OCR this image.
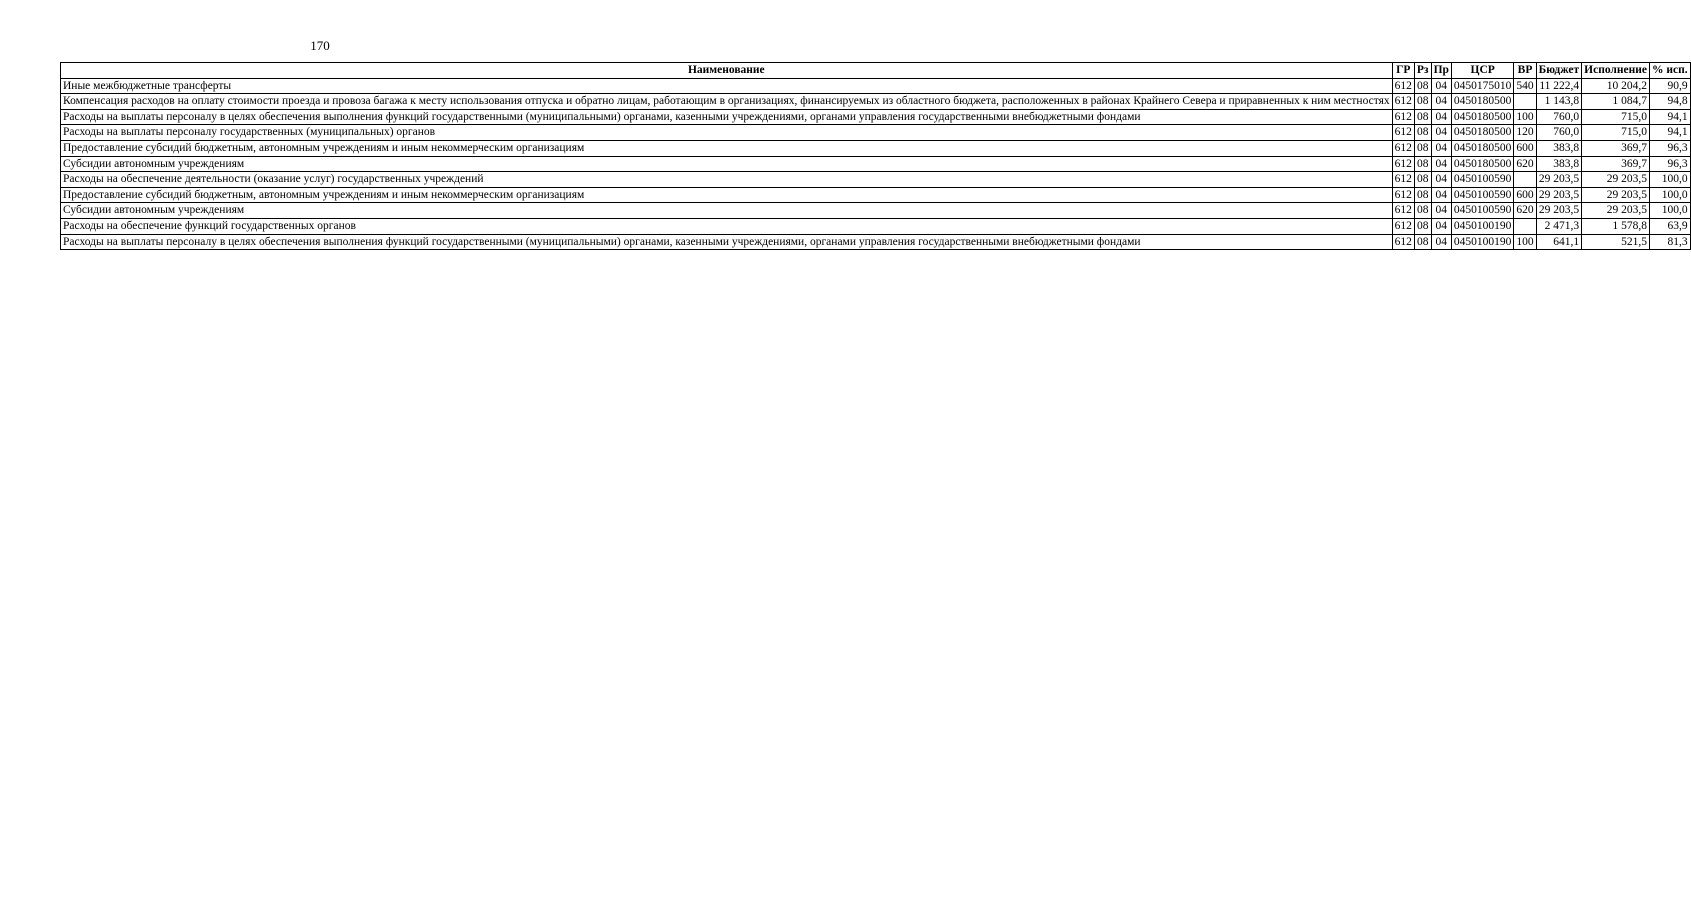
170
Наименование	ГР	Рз	Пр	ЦСР	ВР	Бюджет	Исполнение	% исп.
Иные межбюджетные трансферты	612	08	04	0450175010	540	11 222,4	10 204,2	90,9
Компенсация расходов на оплату стоимости проезда и провоза багажа к месту использования отпуска и обратно лицам, работающим в организациях, финансируемых из областного бюджета, расположенных в районах Крайнего Севера и приравненных к ним местностях	612	08	04	0450180500		1 143,8	1 084,7	94,8
Расходы на выплаты персоналу в целях обеспечения выполнения функций государственными (муниципальными) органами, казенными учреждениями, органами управления государственными внебюджетными фондами	612	08	04	0450180500	100	760,0	715,0	94,1
Расходы на выплаты персоналу государственных (муниципальных) органов	612	08	04	0450180500	120	760,0	715,0	94,1
Предоставление субсидий бюджетным, автономным учреждениям и иным некоммерческим организациям	612	08	04	0450180500	600	383,8	369,7	96,3
Субсидии автономным учреждениям	612	08	04	0450180500	620	383,8	369,7	96,3
Расходы на обеспечение деятельности (оказание услуг) государственных учреждений	612	08	04	0450100590		29 203,5	29 203,5	100,0
Предоставление субсидий бюджетным, автономным учреждениям и иным некоммерческим организациям	612	08	04	0450100590	600	29 203,5	29 203,5	100,0
Субсидии автономным учреждениям	612	08	04	0450100590	620	29 203,5	29 203,5	100,0
Расходы на обеспечение функций государственных органов	612	08	04	0450100190		2 471,3	1 578,8	63,9
Расходы на выплаты персоналу в целях обеспечения выполнения функций государственными (муниципальными) органами, казенными учреждениями, органами управления государственными внебюджетными фондами	612	08	04	0450100190	100	641,1	521,5	81,3
